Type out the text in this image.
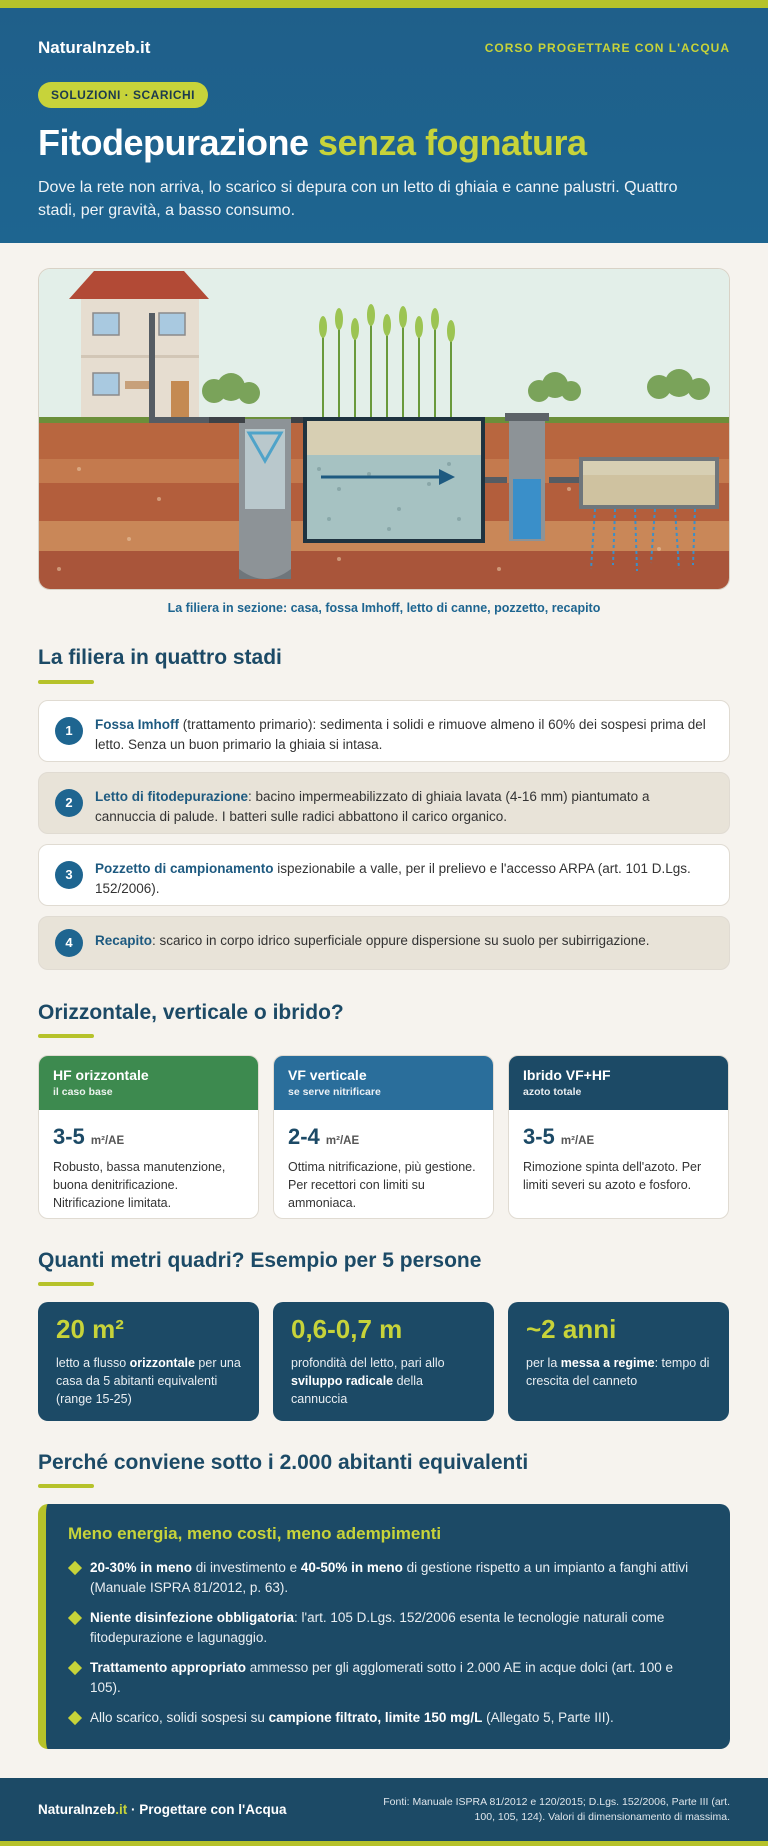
NaturaInzeb.it	CORSO PROGETTARE CON L'ACQUA
SOLUZIONI · SCARICHI
Fitodepurazione senza fognatura
Dove la rete non arriva, lo scarico si depura con un letto di ghiaia e canne palustri. Quattro stadi, per gravità, a basso consumo.
La filiera in sezione: casa, fossa Imhoff, letto di canne, pozzetto, recapito
La filiera in quattro stadi
1	Fossa Imhoff (trattamento primario): sedimenta i solidi e rimuove almeno il 60% dei sospesi prima del letto. Senza un buon primario la ghiaia si intasa.
2	Letto di fitodepurazione: bacino impermeabilizzato di ghiaia lavata (4-16 mm) piantumato a cannuccia di palude. I batteri sulle radici abbattono il carico organico.
3	Pozzetto di campionamento ispezionabile a valle, per il prelievo e l'accesso ARPA (art. 101 D.Lgs. 152/2006).
4	Recapito: scarico in corpo idrico superficiale oppure dispersione su suolo per subirrigazione.
Orizzontale, verticale o ibrido?
HF orizzontale
il caso base
3-5 m²/AE
Robusto, bassa manutenzione, buona denitrificazione. Nitrificazione limitata.
VF verticale
se serve nitrificare
2-4 m²/AE
Ottima nitrificazione, più gestione. Per recettori con limiti su ammoniaca.
Ibrido VF+HF
azoto totale
3-5 m²/AE
Rimozione spinta dell'azoto. Per limiti severi su azoto e fosforo.
Quanti metri quadri? Esempio per 5 persone
20 m²
letto a flusso orizzontale per una casa da 5 abitanti equivalenti (range 15-25)
0,6-0,7 m
profondità del letto, pari allo sviluppo radicale della cannuccia
~2 anni
per la messa a regime: tempo di crescita del canneto
Perché conviene sotto i 2.000 abitanti equivalenti
Meno energia, meno costi, meno adempimenti
20-30% in meno di investimento e 40-50% in meno di gestione rispetto a un impianto a fanghi attivi (Manuale ISPRA 81/2012, p. 63).
Niente disinfezione obbligatoria: l'art. 105 D.Lgs. 152/2006 esenta le tecnologie naturali come fitodepurazione e lagunaggio.
Trattamento appropriato ammesso per gli agglomerati sotto i 2.000 AE in acque dolci (art. 100 e 105).
Allo scarico, solidi sospesi su campione filtrato, limite 150 mg/L (Allegato 5, Parte III).
NaturaInzeb.it · Progettare con l'Acqua
Fonti: Manuale ISPRA 81/2012 e 120/2015; D.Lgs. 152/2006, Parte III (art. 100, 105, 124). Valori di dimensionamento di massima.
